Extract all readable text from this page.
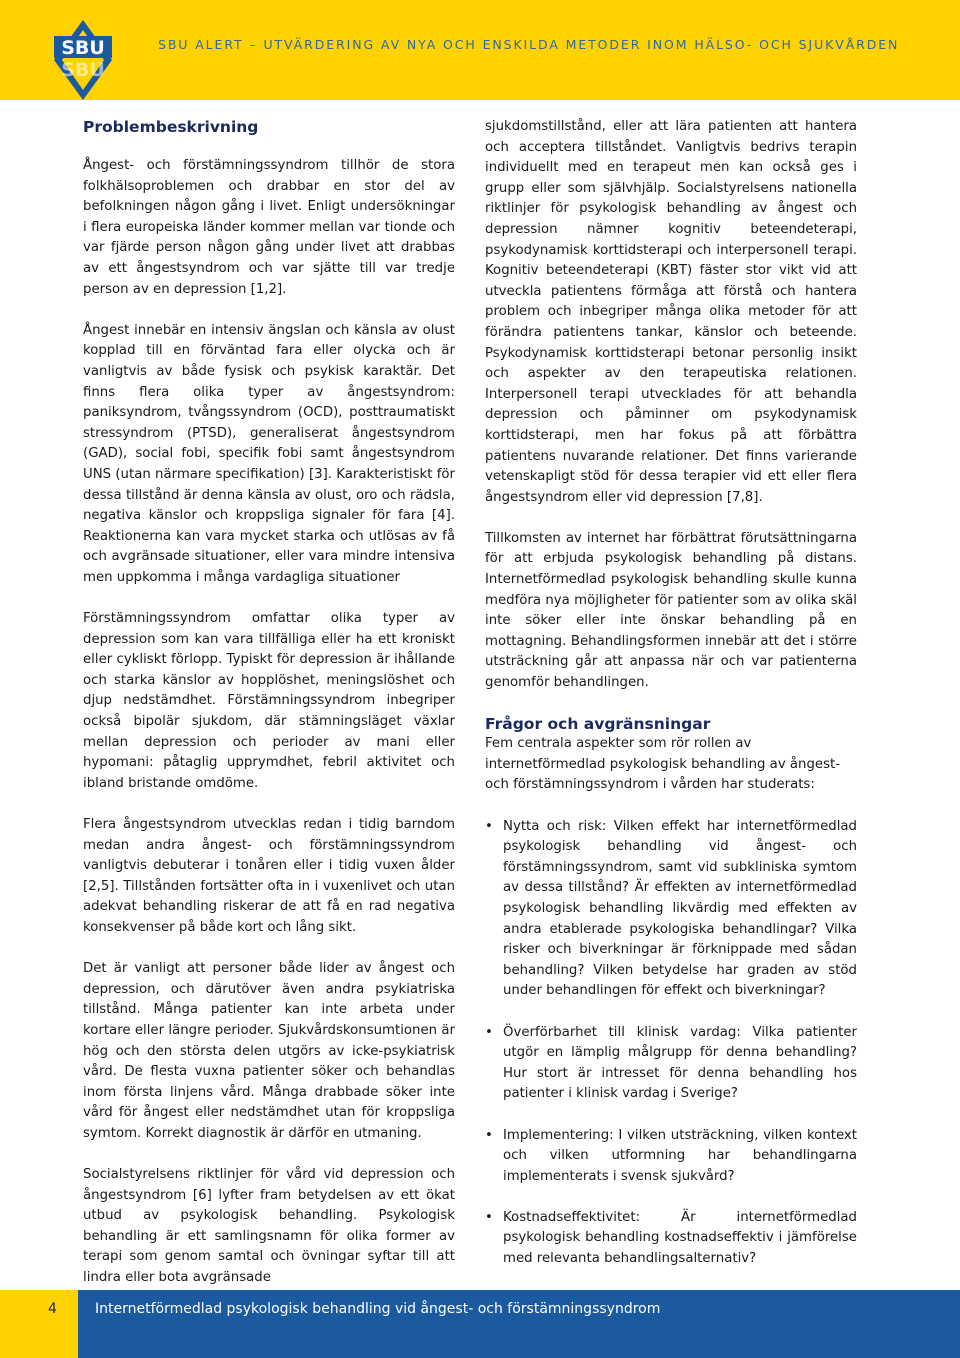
SBU
SBU
SBU ALERT – UTVÄRDERING AV NYA OCH ENSKILDA METODER INOM HÄLSO- OCH SJUKVÅRDEN
Problembeskrivning

Ångest- och förstämningssyndrom tillhör de stora folkhälsoproblemen och drabbar en stor del av befolkningen någon gång i livet. Enligt undersökningar i flera europeiska länder kommer mellan var tionde och var fjärde person någon gång under livet att drabbas av ett ångestsyndrom och var sjätte till var tredje person av en depression [1,2].

Ångest innebär en intensiv ängslan och känsla av olust kopplad till en förväntad fara eller olycka och är vanligtvis av både fysisk och psykisk karaktär. Det finns flera olika typer av ångestsyndrom: paniksyndrom, tvångssyndrom (OCD), posttraumatiskt stressyndrom (PTSD), generaliserat ångestsyndrom (GAD), social fobi, specifik fobi samt ångestsyndrom UNS (utan närmare specifikation) [3]. Karakteristiskt för dessa tillstånd är denna känsla av olust, oro och rädsla, negativa känslor och kroppsliga signaler för fara [4]. Reaktionerna kan vara mycket starka och utlösas av få och avgränsade situationer, eller vara mindre intensiva men uppkomma i många vardagliga situationer

Förstämningssyndrom omfattar olika typer av depression som kan vara tillfälliga eller ha ett kroniskt eller cykliskt förlopp. Typiskt för depression är ihållande och starka känslor av hopplöshet, meningslöshet och djup nedstämdhet. Förstämningssyndrom inbegriper också bipolär sjukdom, där stämningsläget växlar mellan depression och perioder av mani eller hypomani: påtaglig upprymdhet, febril aktivitet och ibland bristande omdöme.

Flera ångestsyndrom utvecklas redan i tidig barndom medan andra ångest- och förstämningssyndrom vanligtvis debuterar i tonåren eller i tidig vuxen ålder [2,5]. Tillstånden fortsätter ofta in i vuxenlivet och utan adekvat behandling riskerar de att få en rad negativa konsekvenser på både kort och lång sikt.

Det är vanligt att personer både lider av ångest och depression, och därutöver även andra psykiatriska tillstånd. Många patienter kan inte arbeta under kortare eller längre perioder. Sjukvårdskonsumtionen är hög och den största delen utgörs av icke-psykiatrisk vård. De flesta vuxna patienter söker och behandlas inom första linjens vård. Många drabbade söker inte vård för ångest eller nedstämdhet utan för kroppsliga symtom. Korrekt diagnostik är därför en utmaning.

Socialstyrelsens riktlinjer för vård vid depression och ångestsyndrom [6] lyfter fram betydelsen av ett ökat utbud av psykologisk behandling. Psykologisk behandling är ett samlingsnamn för olika former av terapi som genom samtal och övningar syftar till att lindra eller bota avgränsade

sjukdomstillstånd, eller att lära patienten att hantera och acceptera tillståndet. Vanligtvis bedrivs terapin individuellt med en terapeut men kan också ges i grupp eller som självhjälp. Socialstyrelsens nationella riktlinjer för psykologisk behandling av ångest och depression nämner kognitiv beteendeterapi, psykodynamisk korttidsterapi och interpersonell terapi. Kognitiv beteendeterapi (KBT) fäster stor vikt vid att utveckla patientens förmåga att förstå och hantera problem och inbegriper många olika metoder för att förändra patientens tankar, känslor och beteende. Psykodynamisk korttidsterapi betonar personlig insikt och aspekter av den terapeutiska relationen. Interpersonell terapi utvecklades för att behandla depression och påminner om psykodynamisk korttidsterapi, men har fokus på att förbättra patientens nuvarande relationer. Det finns varierande vetenskapligt stöd för dessa terapier vid ett eller flera ångestsyndrom eller vid depression [7,8].

Tillkomsten av internet har förbättrat förutsättningarna för att erbjuda psykologisk behandling på distans. Internetförmedlad psykologisk behandling skulle kunna medföra nya möjligheter för patienter som av olika skäl inte söker eller inte önskar behandling på en mottagning. Behandlingsformen innebär att det i större utsträckning går att anpassa när och var patienterna genomför behandlingen.

Frågor och avgränsningar

Fem centrala aspekter som rör rollen av internetförmedlad psykologisk behandling av ångest- och förstämningssyndrom i vården har studerats:

• Nytta och risk: Vilken effekt har internetförmedlad psykologisk behandling vid ångest- och förstämningssyndrom, samt vid subkliniska symtom av dessa tillstånd? Är effekten av internetförmedlad psykologisk behandling likvärdig med effekten av andra etablerade psykologiska behandlingar? Vilka risker och biverkningar är förknippade med sådan behandling? Vilken betydelse har graden av stöd under behandlingen för effekt och biverkningar?
• Överförbarhet till klinisk vardag: Vilka patienter utgör en lämplig målgrupp för denna behandling? Hur stort är intresset för denna behandling hos patienter i klinisk vardag i Sverige?
• Implementering: I vilken utsträckning, vilken kontext och vilken utformning har behandlingarna implementerats i svensk sjukvård?
• Kostnadseffektivitet: Är internetförmedlad psykologisk behandling kostnadseffektiv i jämförelse med relevanta behandlingsalternativ?
4	Internetförmedlad psykologisk behandling vid ångest- och förstämningssyndrom
